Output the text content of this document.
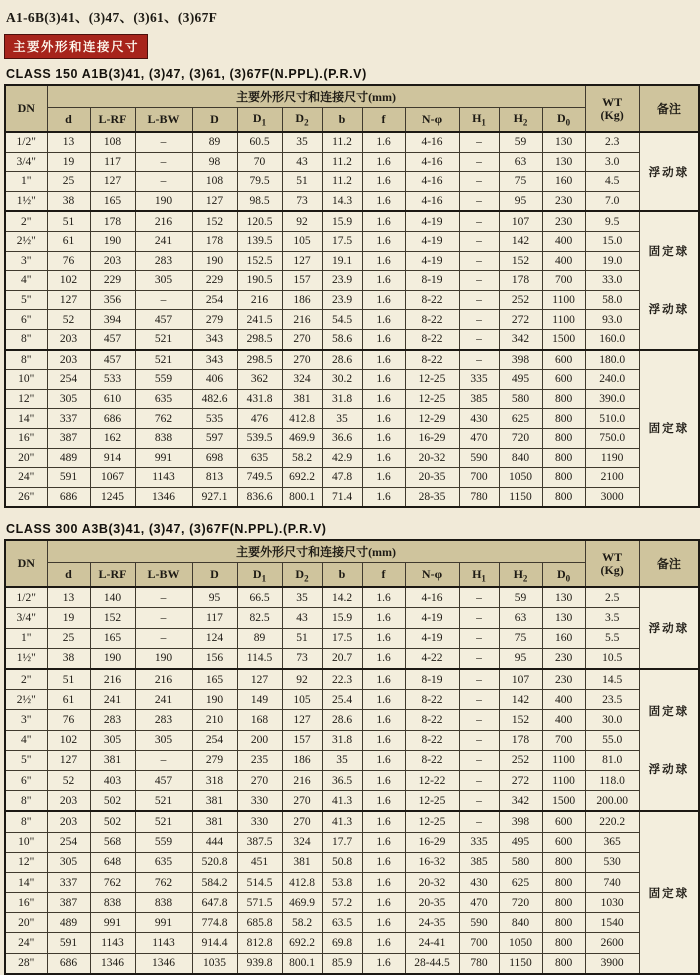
A1-6B(3)41、(3)47、(3)61、(3)67F
主要外形和连接尺寸
CLASS 150 A1B(3)41, (3)47, (3)61, (3)67F(N.PPL).(P.R.V)
DN	主要外形尺寸和连接尺寸(mm)												WT
(Kg)	备注
	d	L-RF	L-BW	D	$D_1$	$D_2$	b	f	N-φ	$H_1$	$H_2$	$D_0$
1/2"	13	108	–	89	60.5	35	11.2	1.6	4-16	–	59	130	2.3	浮动球

3/4"	19	117	–	98	70	43	11.2	1.6	4-16	–	63	130	3.0	
1"	25	127	–	108	79.5	51	11.2	1.6	4-16	–	75	160	4.5	
1½"	38	165	190	127	98.5	73	14.3	1.6	4-16	–	95	230	7.0	
2"	51	178	216	152	120.5	92	15.9	1.6	4-19	–	107	230	9.5	固定球
浮动球

2½"	61	190	241	178	139.5	105	17.5	1.6	4-19	–	142	400	15.0	
3"	76	203	283	190	152.5	127	19.1	1.6	4-19	–	152	400	19.0	
4"	102	229	305	229	190.5	157	23.9	1.6	8-19	–	178	700	33.0	
5"	127	356	–	254	216	186	23.9	1.6	8-22	–	252	1100	58.0	
6"	52	394	457	279	241.5	216	54.5	1.6	8-22	–	272	1100	93.0	
8"	203	457	521	343	298.5	270	58.6	1.6	8-22	–	342	1500	160.0	
8"	203	457	521	343	298.5	270	28.6	1.6	8-22	–	398	600	180.0	固定球

10"	254	533	559	406	362	324	30.2	1.6	12-25	335	495	600	240.0	
12"	305	610	635	482.6	431.8	381	31.8	1.6	12-25	385	580	800	390.0	
14"	337	686	762	535	476	412.8	35	1.6	12-29	430	625	800	510.0	
16"	387	162	838	597	539.5	469.9	36.6	1.6	16-29	470	720	800	750.0	
20"	489	914	991	698	635	58.2	42.9	1.6	20-32	590	840	800	1190	
24"	591	1067	1143	813	749.5	692.2	47.8	1.6	20-35	700	1050	800	2100	
26"	686	1245	1346	927.1	836.6	800.1	71.4	1.6	28-35	780	1150	800	3000	
CLASS 300 A3B(3)41, (3)47, (3)67F(N.PPL).(P.R.V)
DN	主要外形尺寸和连接尺寸(mm)												WT
(Kg)	备注
	d	L-RF	L-BW	D	$D_1$	$D_2$	b	f	N-φ	$H_1$	$H_2$	$D_0$
1/2"	13	140	–	95	66.5	35	14.2	1.6	4-16	–	59	130	2.5	浮动球

3/4"	19	152	–	117	82.5	43	15.9	1.6	4-19	–	63	130	3.5	
1"	25	165	–	124	89	51	17.5	1.6	4-19	–	75	160	5.5	
1½"	38	190	190	156	114.5	73	20.7	1.6	4-22	–	95	230	10.5	
2"	51	216	216	165	127	92	22.3	1.6	8-19	–	107	230	14.5	固定球
浮动球

2½"	61	241	241	190	149	105	25.4	1.6	8-22	–	142	400	23.5	
3"	76	283	283	210	168	127	28.6	1.6	8-22	–	152	400	30.0	
4"	102	305	305	254	200	157	31.8	1.6	8-22	–	178	700	55.0	
5"	127	381	–	279	235	186	35	1.6	8-22	–	252	1100	81.0	
6"	52	403	457	318	270	216	36.5	1.6	12-22	–	272	1100	118.0	
8"	203	502	521	381	330	270	41.3	1.6	12-25	–	342	1500	200.00	
8"	203	502	521	381	330	270	41.3	1.6	12-25	–	398	600	220.2	固定球

10"	254	568	559	444	387.5	324	17.7	1.6	16-29	335	495	600	365	
12"	305	648	635	520.8	451	381	50.8	1.6	16-32	385	580	800	530	
14"	337	762	762	584.2	514.5	412.8	53.8	1.6	20-32	430	625	800	740	
16"	387	838	838	647.8	571.5	469.9	57.2	1.6	20-35	470	720	800	1030	
20"	489	991	991	774.8	685.8	58.2	63.5	1.6	24-35	590	840	800	1540	
24"	591	1143	1143	914.4	812.8	692.2	69.8	1.6	24-41	700	1050	800	2600	
28"	686	1346	1346	1035	939.8	800.1	85.9	1.6	28-44.5	780	1150	800	3900	
